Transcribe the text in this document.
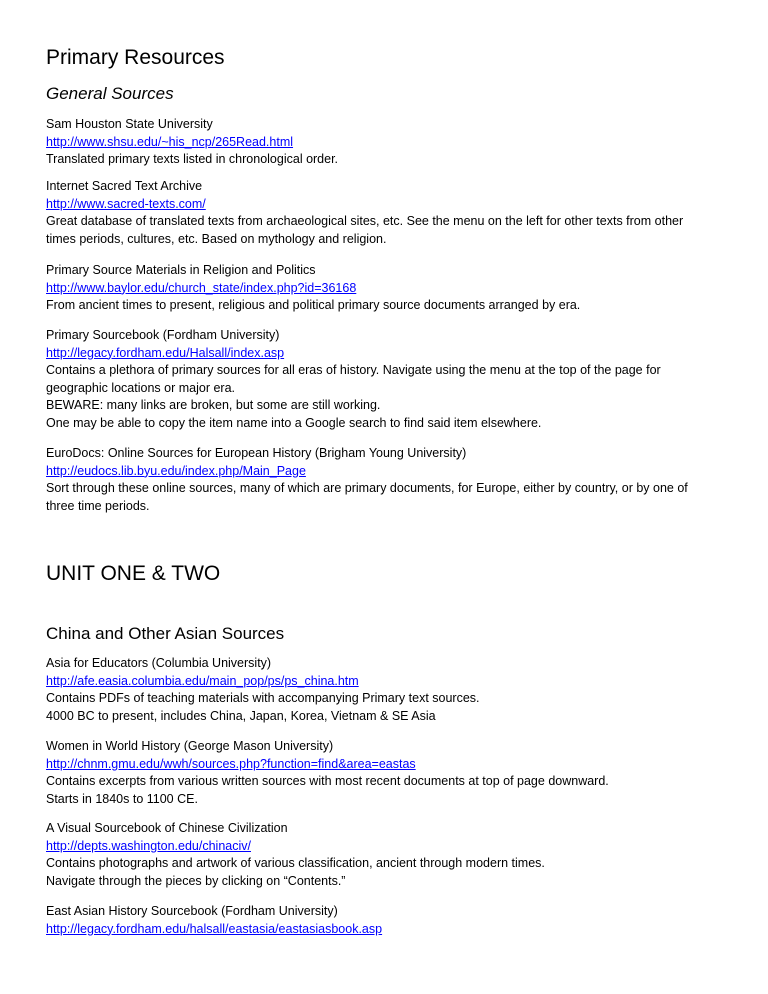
Primary Resources
General Sources
Sam Houston State University
http://www.shsu.edu/~his_ncp/265Read.html
Translated primary texts listed in chronological order.
Internet Sacred Text Archive
http://www.sacred-texts.com/
Great database of translated texts from archaeological sites, etc. See the menu on the left for other texts from other
times periods, cultures, etc. Based on mythology and religion.
Primary Source Materials in Religion and Politics
http://www.baylor.edu/church_state/index.php?id=36168
From ancient times to present, religious and political primary source documents arranged by era.
Primary Sourcebook (Fordham University)
http://legacy.fordham.edu/Halsall/index.asp
Contains a plethora of primary sources for all eras of history. Navigate using the menu at the top of the page for
geographic locations or major era.
BEWARE: many links are broken, but some are still working.
One may be able to copy the item name into a Google search to find said item elsewhere.
EuroDocs: Online Sources for European History (Brigham Young University)
http://eudocs.lib.byu.edu/index.php/Main_Page
Sort through these online sources, many of which are primary documents, for Europe, either by country, or by one of
three time periods.
UNIT ONE & TWO
China and Other Asian Sources
Asia for Educators (Columbia University)
http://afe.easia.columbia.edu/main_pop/ps/ps_china.htm
Contains PDFs of teaching materials with accompanying Primary text sources.
4000 BC to present, includes China, Japan, Korea, Vietnam & SE Asia
Women in World History (George Mason University)
http://chnm.gmu.edu/wwh/sources.php?function=find&area=eastas
Contains excerpts from various written sources with most recent documents at top of page downward.
Starts in 1840s to 1100 CE.
A Visual Sourcebook of Chinese Civilization
http://depts.washington.edu/chinaciv/
Contains photographs and artwork of various classification, ancient through modern times.
Navigate through the pieces by clicking on “Contents.”
East Asian History Sourcebook (Fordham University)
http://legacy.fordham.edu/halsall/eastasia/eastasiasbook.asp
